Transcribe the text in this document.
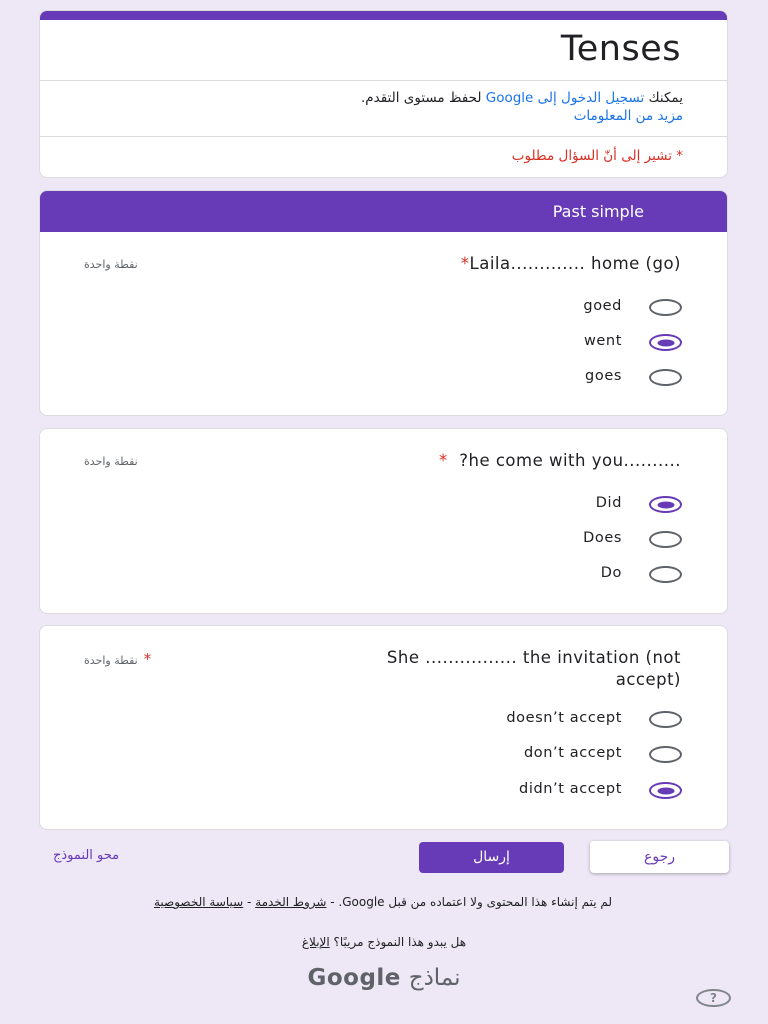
Tenses
يمكنك تسجيل الدخول إلى Google لحفظ مستوى التقدم.
مزيد من المعلومات
* تشير إلى أنّ السؤال مطلوب
Past simple
*Laila............. home (go)
نقطة واحدة
goed
went
goes
* ?he come with you..........
نقطة واحدة
Did
Does
Do
She ................ the invitation (not
accept)
*نقطة واحدة
doesn’t accept
don’t accept
didn’t accept
محو النموذج	إرسال	رجوع
لم يتم إنشاء هذا المحتوى ولا اعتماده من قبل Google. - شروط الخدمة - سياسة الخصوصية
هل يبدو هذا النموذج مريبًا؟ الإبلاغ
Google نماذج
?
